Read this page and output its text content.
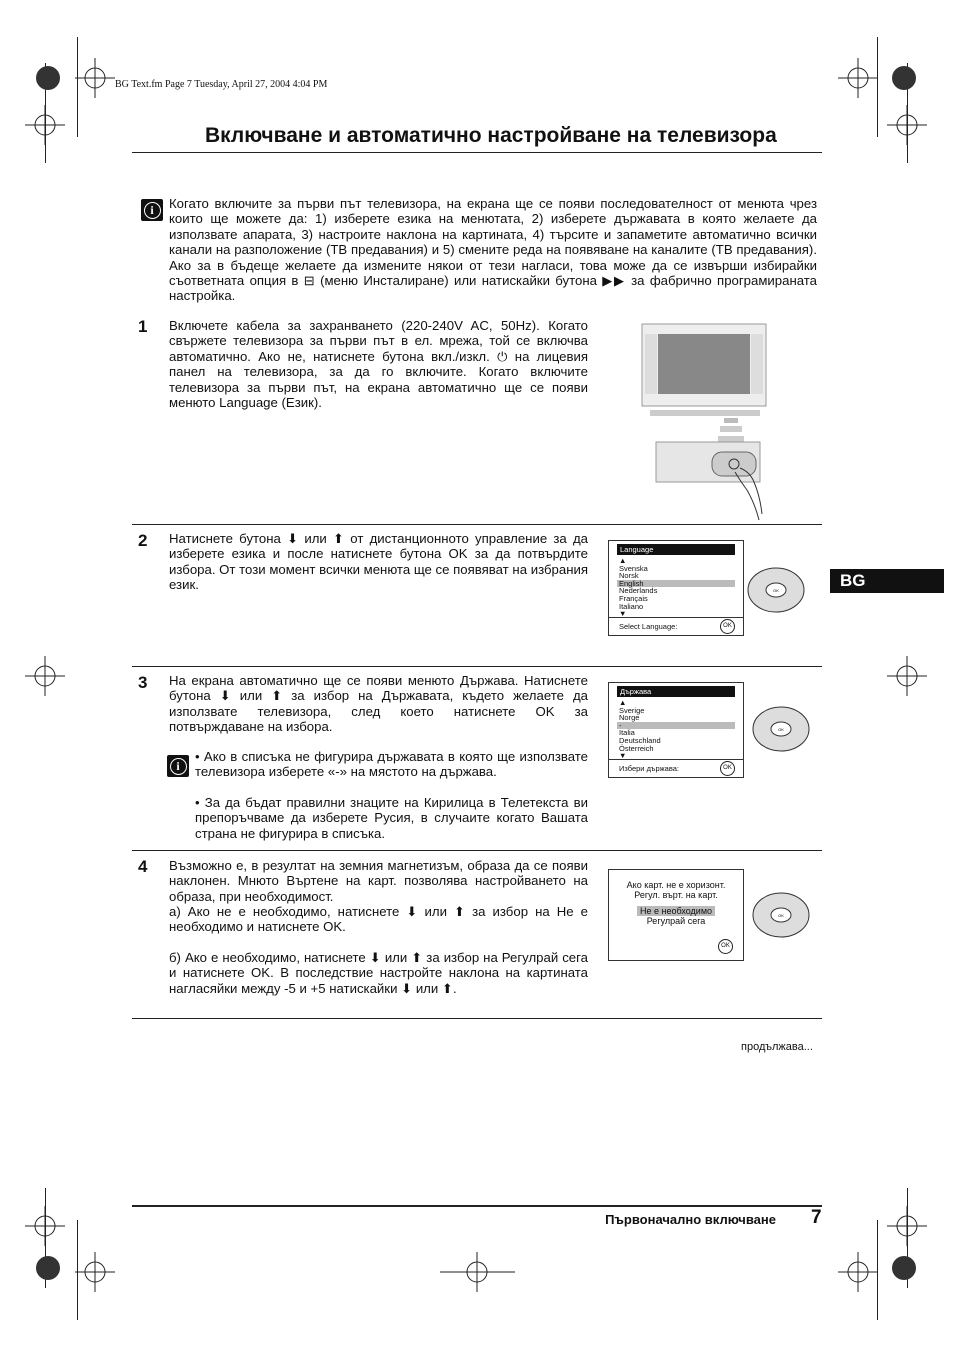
BG Text.fm Page 7 Tuesday, April 27, 2004 4:04 PM
Включване и автоматично настройване на телевизора
i	Когато включите за първи път телевизора, на екрана ще се появи последователност от менюта чрез които ще можете да: 1) изберете езика на менютата, 2) изберете държавата в която желаете да използвате апарата, 3) настроите наклона на картината, 4) търсите и запаметите автоматично всички канали на разположение (ТВ предавания) и 5) смените реда на появяване на каналите (ТВ предавания). Ако за в бъдеще желаете да измените някои от тези нагласи, това може да се извърши избирайки съответната опция в ⊟ (меню Инсталиране) или натискайки бутона ▶▶ за фабрично програмираната настройка.
1 Включете кабела за захранването (220-240V AC, 50Hz). Когато свържете телевизора за първи път в ел. мрежа, той се включва автоматично. Ако не, натиснете бутона вкл./изкл. ⏻ на лицевия панел на телевизора, за да го включите. Когато включите телевизора за първи път, на екрана автоматично ще се появи менюто Language (Език).
2 Натиснете бутона ⬇ или ⬆ от дистанционното управление за да изберете езика и после натиснете бутона OK за да потвърдите избора. От този момент всички менюта ще се появяват на избрания език.
Language
▲
Svenska
Norsk
English
Nederlands
Français
Italiano
▼
Select Language:	OK
OK
BG
3 На екрана автоматично ще се появи менюто Държава. Натиснете бутона ⬇ или ⬆ за избор на Държавата, където желаете да използвате телевизора, след което натиснете OK за потвърждаване на избора.
i
• Ако в списъка не фигурира държавата в която ще използвате телевизора изберете «-» на мястото на държава.
• За да бъдат правилни знаците на Кирилица в Телетекста ви препоръчваме да изберете Русия, в случаите когато Вашата страна не фигурира в списъка.
Държава
▲
Sverige
Norge
-
Italia
Deutschland
Österreich
▼
Избери държава:	OK
OK
4 Възможно е, в резултат на земния магнетизъм, образа да се появи наклонен. Мнюто Въртене на карт. позволява настройването на образа, при необходимост.
а) Ако не е необходимо, натиснете ⬇ или ⬆ за избор на Не е необходимо и натиснете OK.
б) Ако е необходимо, натиснете ⬇ или ⬆ за избор на Регулрай сега и натиснете OK. В последствие настройте наклона на картината нагласяйки между -5 и +5 натискайки ⬇ или ⬆.
Ако карт. не е хоризонт.
Регул. върт. на карт.
Не е необходимо
Регулрай сега
OK
OK
продължава...
Първоначално включване 7
